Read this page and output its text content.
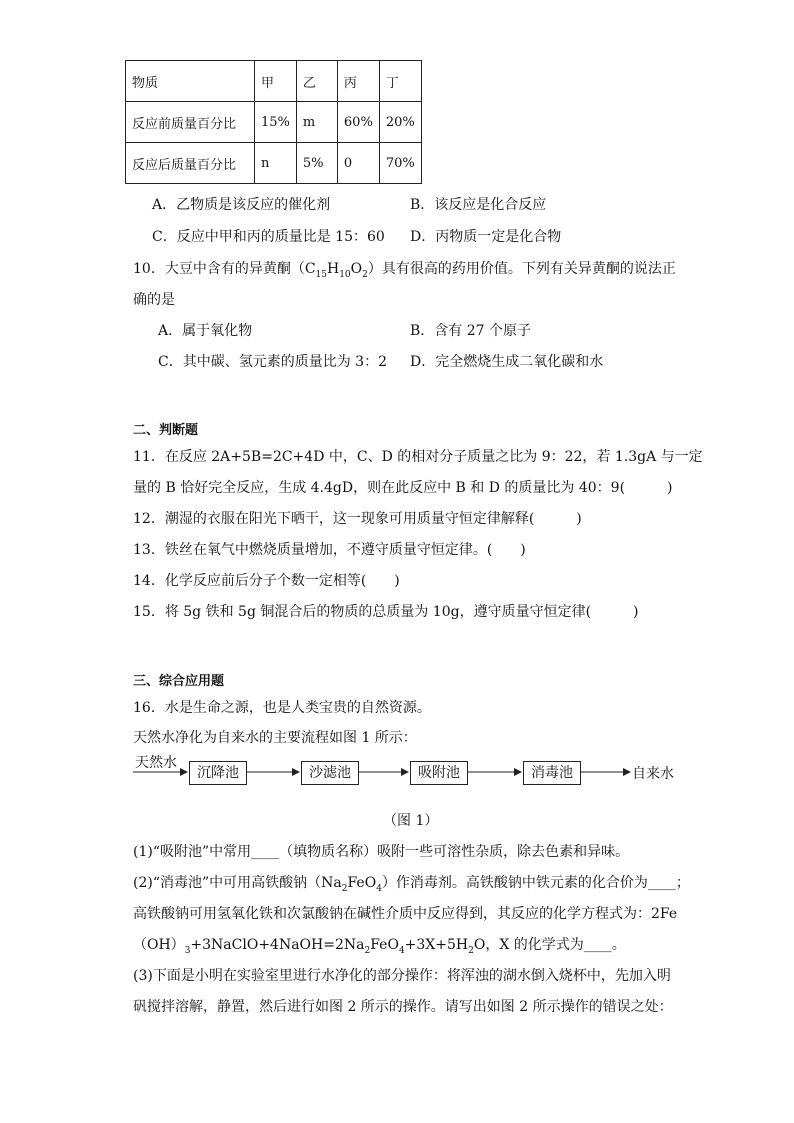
物质	甲	乙	丙	丁
反应前质量百分比	15%	m	60%	20%
反应后质量百分比	n	5%	0	70%
A．乙物质是该反应的催化剂	B．该反应是化合反应
C．反应中甲和丙的质量比是 15：60 D．丙物质一定是化合物
10．大豆中含有的异黄酮$(C_{15}H_{10}O_2)$具有很高的药用价值。下列有关异黄酮的说法正
确的是
A．属于氧化物	B．含有 27 个原子
C．其中碳、氢元素的质量比为 3：2 D．完全燃烧生成二氧化碳和水
二、判断题
11．在反应 2A+5B=2C+4D 中，C、D 的相对分子质量之比为 9：22，若 1.3gA 与一定
量的 B 恰好完全反应，生成 4.4gD，则在此反应中 B 和 D 的质量比为 40：9(　　　)
12．潮湿的衣服在阳光下晒干，这一现象可用质量守恒定律解释(　　　)
13．铁丝在氧气中燃烧质量增加，不遵守质量守恒定律。(　　)
14．化学反应前后分子个数一定相等(　　)
15．将 5g 铁和 5g 铜混合后的物质的总质量为 10g，遵守质量守恒定律(　　　)
三、综合应用题
16．水是生命之源，也是人类宝贵的自然资源。
天然水净化为自来水的主要流程如图 1 所示：
天然水
沉降池	沙滤池	吸附池	消毒池	自来水
（图 1）
(1)“吸附池”中常用____（填物质名称）吸附一些可溶性杂质，除去色素和异味。
(2)“消毒池”中可用高铁酸钠$(Na_2FeO_4)$作消毒剂。高铁酸钠中铁元素的化合价为____；
高铁酸钠可用氢氧化铁和次氯酸钠在碱性介质中反应得到，其反应的化学方程式为：2Fe
$(OH)_3+3NaClO+4NaOH=2Na_2FeO_4+3X+5H_2O$，X 的化学式为____。
(3)下面是小明在实验室里进行水净化的部分操作：将浑浊的湖水倒入烧杯中，先加入明
矾搅拌溶解，静置，然后进行如图 2 所示的操作。请写出如图 2 所示操作的错误之处：
